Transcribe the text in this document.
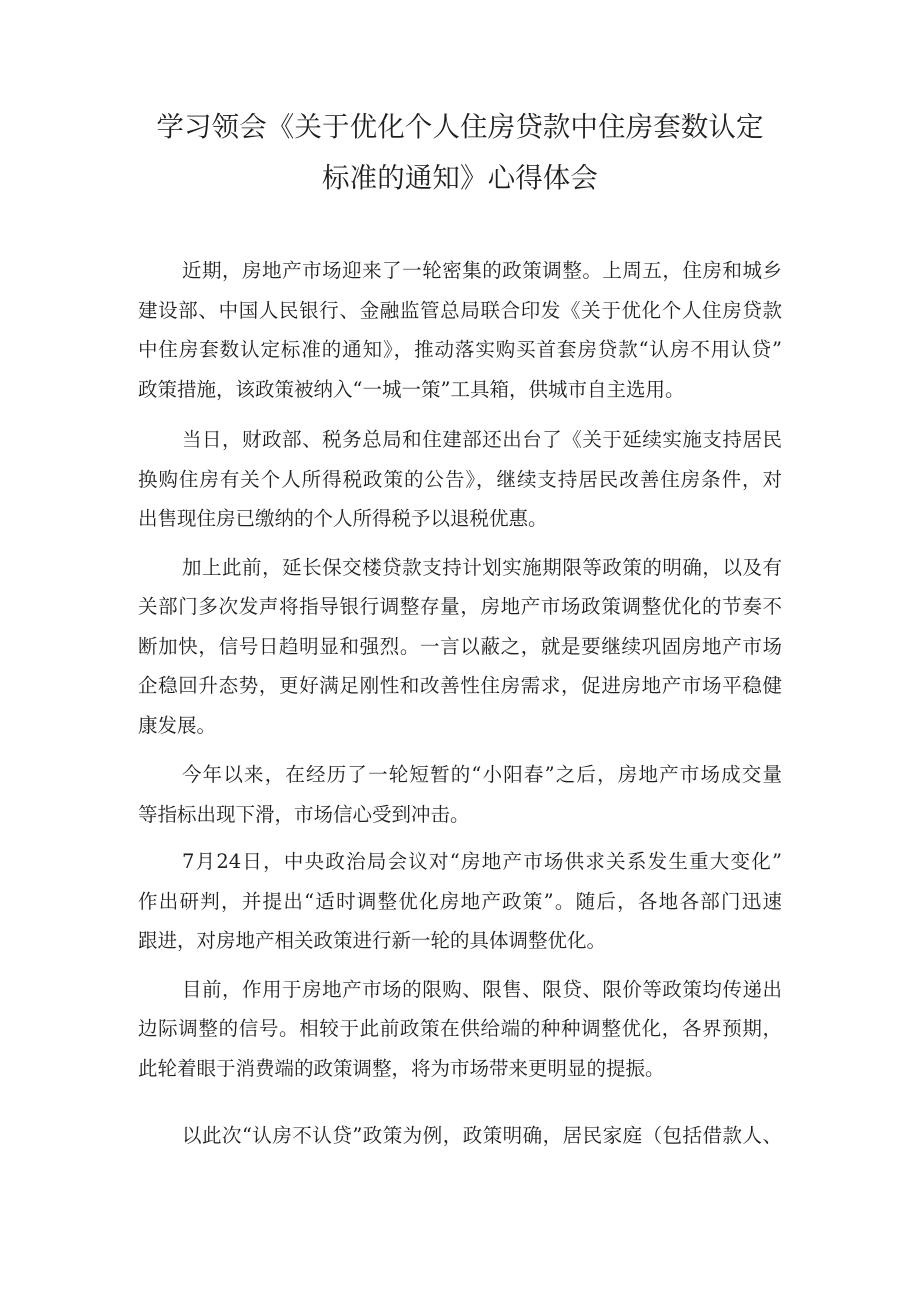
学习领会《关于优化个人住房贷款中住房套数认定
标准的通知》心得体会

近期，房地产市场迎来了一轮密集的政策调整。上周五，住房和城乡
建设部、中国人民银行、金融监管总局联合印发《关于优化个人住房贷款
中住房套数认定标准的通知》，推动落实购买首套房贷款“认房不用认贷”
政策措施，该政策被纳入“一城一策”工具箱，供城市自主选用。

当日，财政部、税务总局和住建部还出台了《关于延续实施支持居民
换购住房有关个人所得税政策的公告》，继续支持居民改善住房条件，对
出售现住房已缴纳的个人所得税予以退税优惠。

加上此前，延长保交楼贷款支持计划实施期限等政策的明确，以及有
关部门多次发声将指导银行调整存量，房地产市场政策调整优化的节奏不
断加快，信号日趋明显和强烈。一言以蔽之，就是要继续巩固房地产市场
企稳回升态势，更好满足刚性和改善性住房需求，促进房地产市场平稳健
康发展。

今年以来，在经历了一轮短暂的“小阳春”之后，房地产市场成交量
等指标出现下滑，市场信心受到冲击。

7月24日，中央政治局会议对“房地产市场供求关系发生重大变化”
作出研判，并提出“适时调整优化房地产政策”。随后，各地各部门迅速
跟进，对房地产相关政策进行新一轮的具体调整优化。

目前，作用于房地产市场的限购、限售、限贷、限价等政策均传递出
边际调整的信号。相较于此前政策在供给端的种种调整优化，各界预期，
此轮着眼于消费端的政策调整，将为市场带来更明显的提振。

以此次“认房不认贷”政策为例，政策明确，居民家庭（包括借款人、
